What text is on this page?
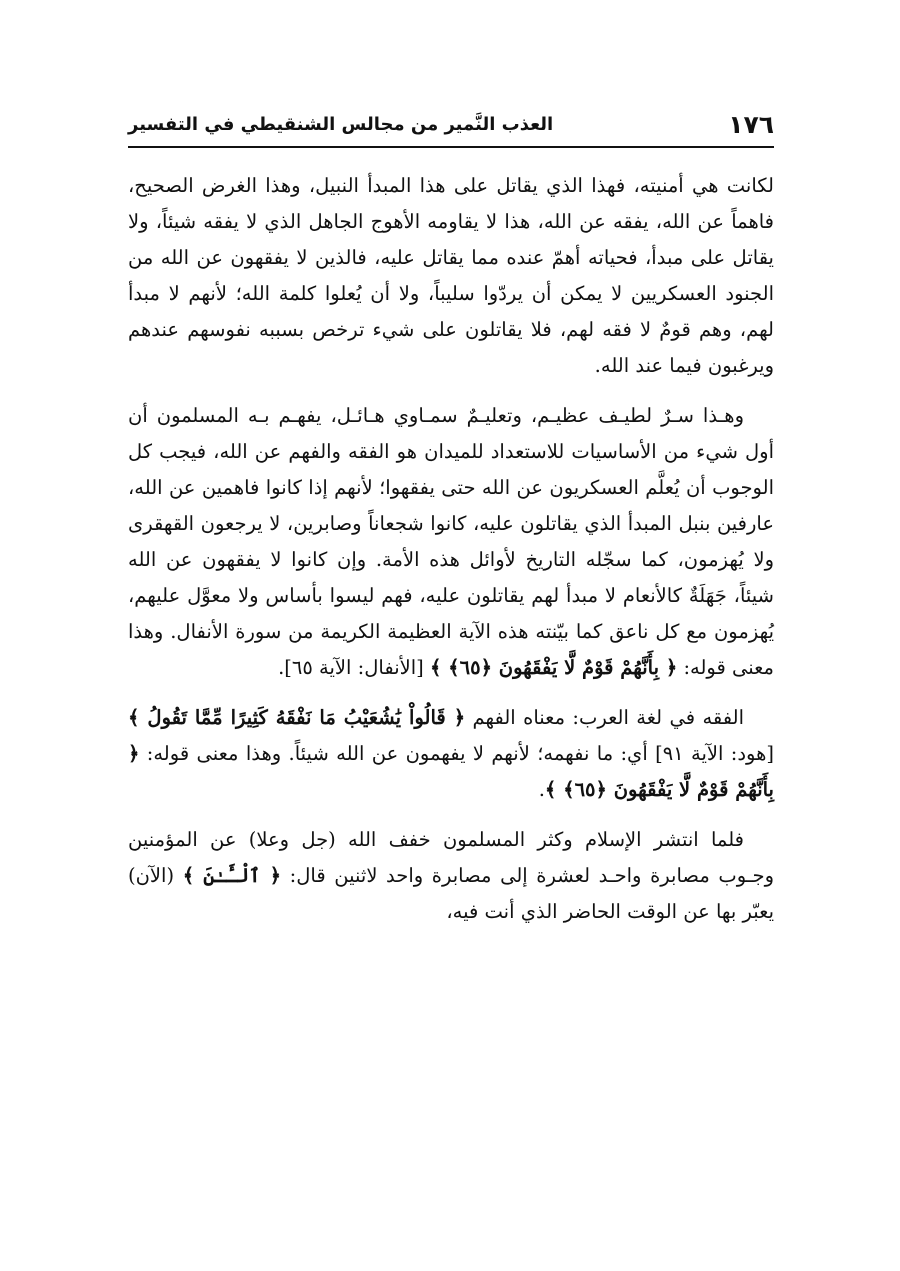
١٧٦
العذب النَّمير من مجالس الشنقيطي في التفسير

لكانت هي أمنيته، فهذا الذي يقاتل على هذا المبدأ النبيل، وهذا الغرض الصحيح، فاهماً عن الله، يفقه عن الله، هذا لا يقاومه الأهوج الجاهل الذي لا يفقه شيئاً، ولا يقاتل على مبدأ، فحياته أهمّ عنده مما يقاتل عليه، فالذين لا يفقهون عن الله من الجنود العسكريين لا يمكن أن يردّوا سليباً، ولا أن يُعلوا كلمة الله؛ لأنهم لا مبدأ لهم، وهم قومٌ لا فقه لهم، فلا يقاتلون على شيء ترخص بسببه نفوسهم عندهم ويرغبون فيما عند الله.

وهـذا سـرٌ لطيـف عظيـم، وتعليـمٌ سمـاوي هـائـل، يفهـم بـه المسلمون أن أول شيء من الأساسيات للاستعداد للميدان هو الفقه والفهم عن الله، فيجب كل الوجوب أن يُعلَّم العسكريون عن الله حتى يفقهوا؛ لأنهم إذا كانوا فاهمين عن الله، عارفين بنبل المبدأ الذي يقاتلون عليه، كانوا شجعاناً وصابرين، لا يرجعون القهقرى ولا يُهزمون، كما سجّله التاريخ لأوائل هذه الأمة. وإن كانوا لا يفقهون عن الله شيئاً، جَهَلَةٌ كالأنعام لا مبدأ لهم يقاتلون عليه، فهم ليسوا بأساس ولا معوَّل عليهم، يُهزمون مع كل ناعق كما بيّنته هذه الآية العظيمة الكريمة من سورة الأنفال. وهذا معنى قوله: ﴿ بِأَنَّهُمْ قَوْمٌ لَّا يَفْقَهُونَ ﴿٦٥﴾ ﴾ [الأنفال: الآية ٦٥].

الفقه في لغة العرب: معناه الفهم ﴿ قَالُواْ يَٰشُعَيْبُ مَا نَفْقَهُ كَثِيرًا مِّمَّا تَقُولُ ﴾ [هود: الآية ٩١] أي: ما نفهمه؛ لأنهم لا يفهمون عن الله شيئاً. وهذا معنى قوله: ﴿ بِأَنَّهُمْ قَوْمٌ لَّا يَفْقَهُونَ ﴿٦٥﴾ ﴾.

فلما انتشر الإسلام وكثر المسلمون خفف الله (جل وعلا) عن المؤمنين وجـوب مصابرة واحـد لعشرة إلى مصابرة واحد لاثنين قال: ﴿ ٱلْـَٔـٰنَ ﴾ (الآن) يعبّر بها عن الوقت الحاضر الذي أنت فيه،
